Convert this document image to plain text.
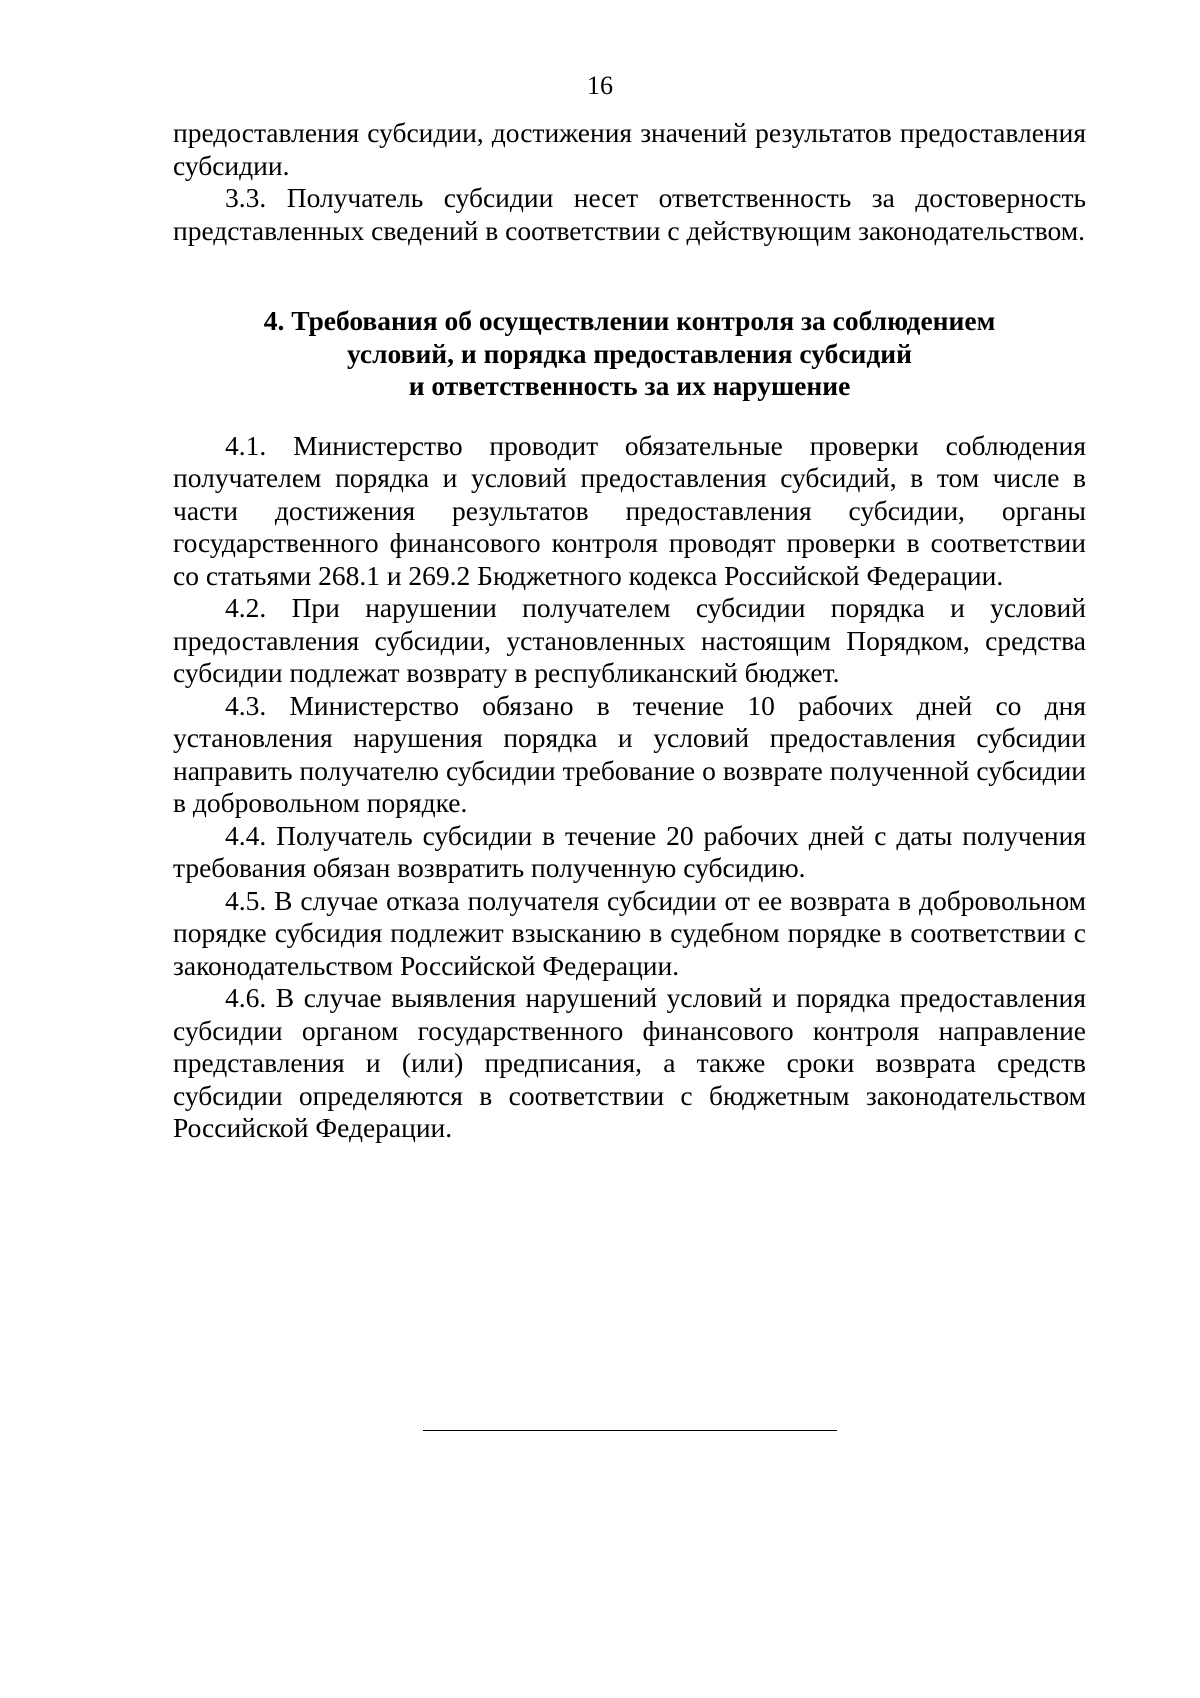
16

предоставления субсидии, достижения значений результатов предоставления субсидии.

3.3. Получатель субсидии несет ответственность за достоверность представленных сведений в соответствии с действующим законодательством.

4. Требования об осуществлении контроля за соблюдением
условий, и порядка предоставления субсидий
и ответственность за их нарушение

4.1. Министерство проводит обязательные проверки соблюдения получателем порядка и условий предоставления субсидий, в том числе в части достижения результатов предоставления субсидии, органы государственного финансового контроля проводят проверки в соответствии со статьями 268.1 и 269.2 Бюджетного кодекса Российской Федерации.

4.2. При нарушении получателем субсидии порядка и условий предоставления субсидии, установленных настоящим Порядком, средства субсидии подлежат возврату в республиканский бюджет.

4.3. Министерство обязано в течение 10 рабочих дней со дня установления нарушения порядка и условий предоставления субсидии направить получателю субсидии требование о возврате полученной субсидии в добровольном порядке.

4.4. Получатель субсидии в течение 20 рабочих дней с даты получения требования обязан возвратить полученную субсидию.

4.5. В случае отказа получателя субсидии от ее возврата в добровольном порядке субсидия подлежит взысканию в судебном порядке в соответствии с законодательством Российской Федерации.

4.6. В случае выявления нарушений условий и порядка предоставления субсидии органом государственного финансового контроля направление представления и (или) предписания, а также сроки возврата средств субсидии определяются в соответствии с бюджетным законодательством Российской Федерации.
